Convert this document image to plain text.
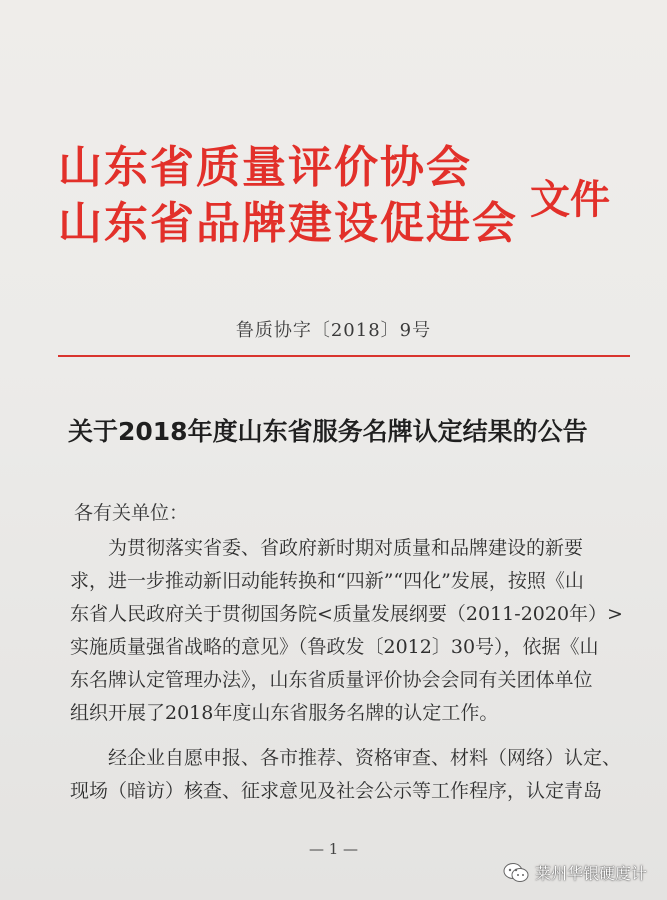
山东省质量评价协会
山东省品牌建设促进会 文件
鲁质协字〔2018〕9号
关于2018年度山东省服务名牌认定结果的公告
各有关单位：
为贯彻落实省委、省政府新时期对质量和品牌建设的新要
求，进一步推动新旧动能转换和“四新”“四化”发展，按照《山
东省人民政府关于贯彻国务院<质量发展纲要（2011-2020年）>
实施质量强省战略的意见》（鲁政发〔2012〕30号），依据《山
东名牌认定管理办法》，山东省质量评价协会会同有关团体单位
组织开展了2018年度山东省服务名牌的认定工作。
经企业自愿申报、各市推荐、资格审查、材料（网络）认定、
现场（暗访）核查、征求意见及社会公示等工作程序，认定青岛
— 1 —
莱州华银硬度计
